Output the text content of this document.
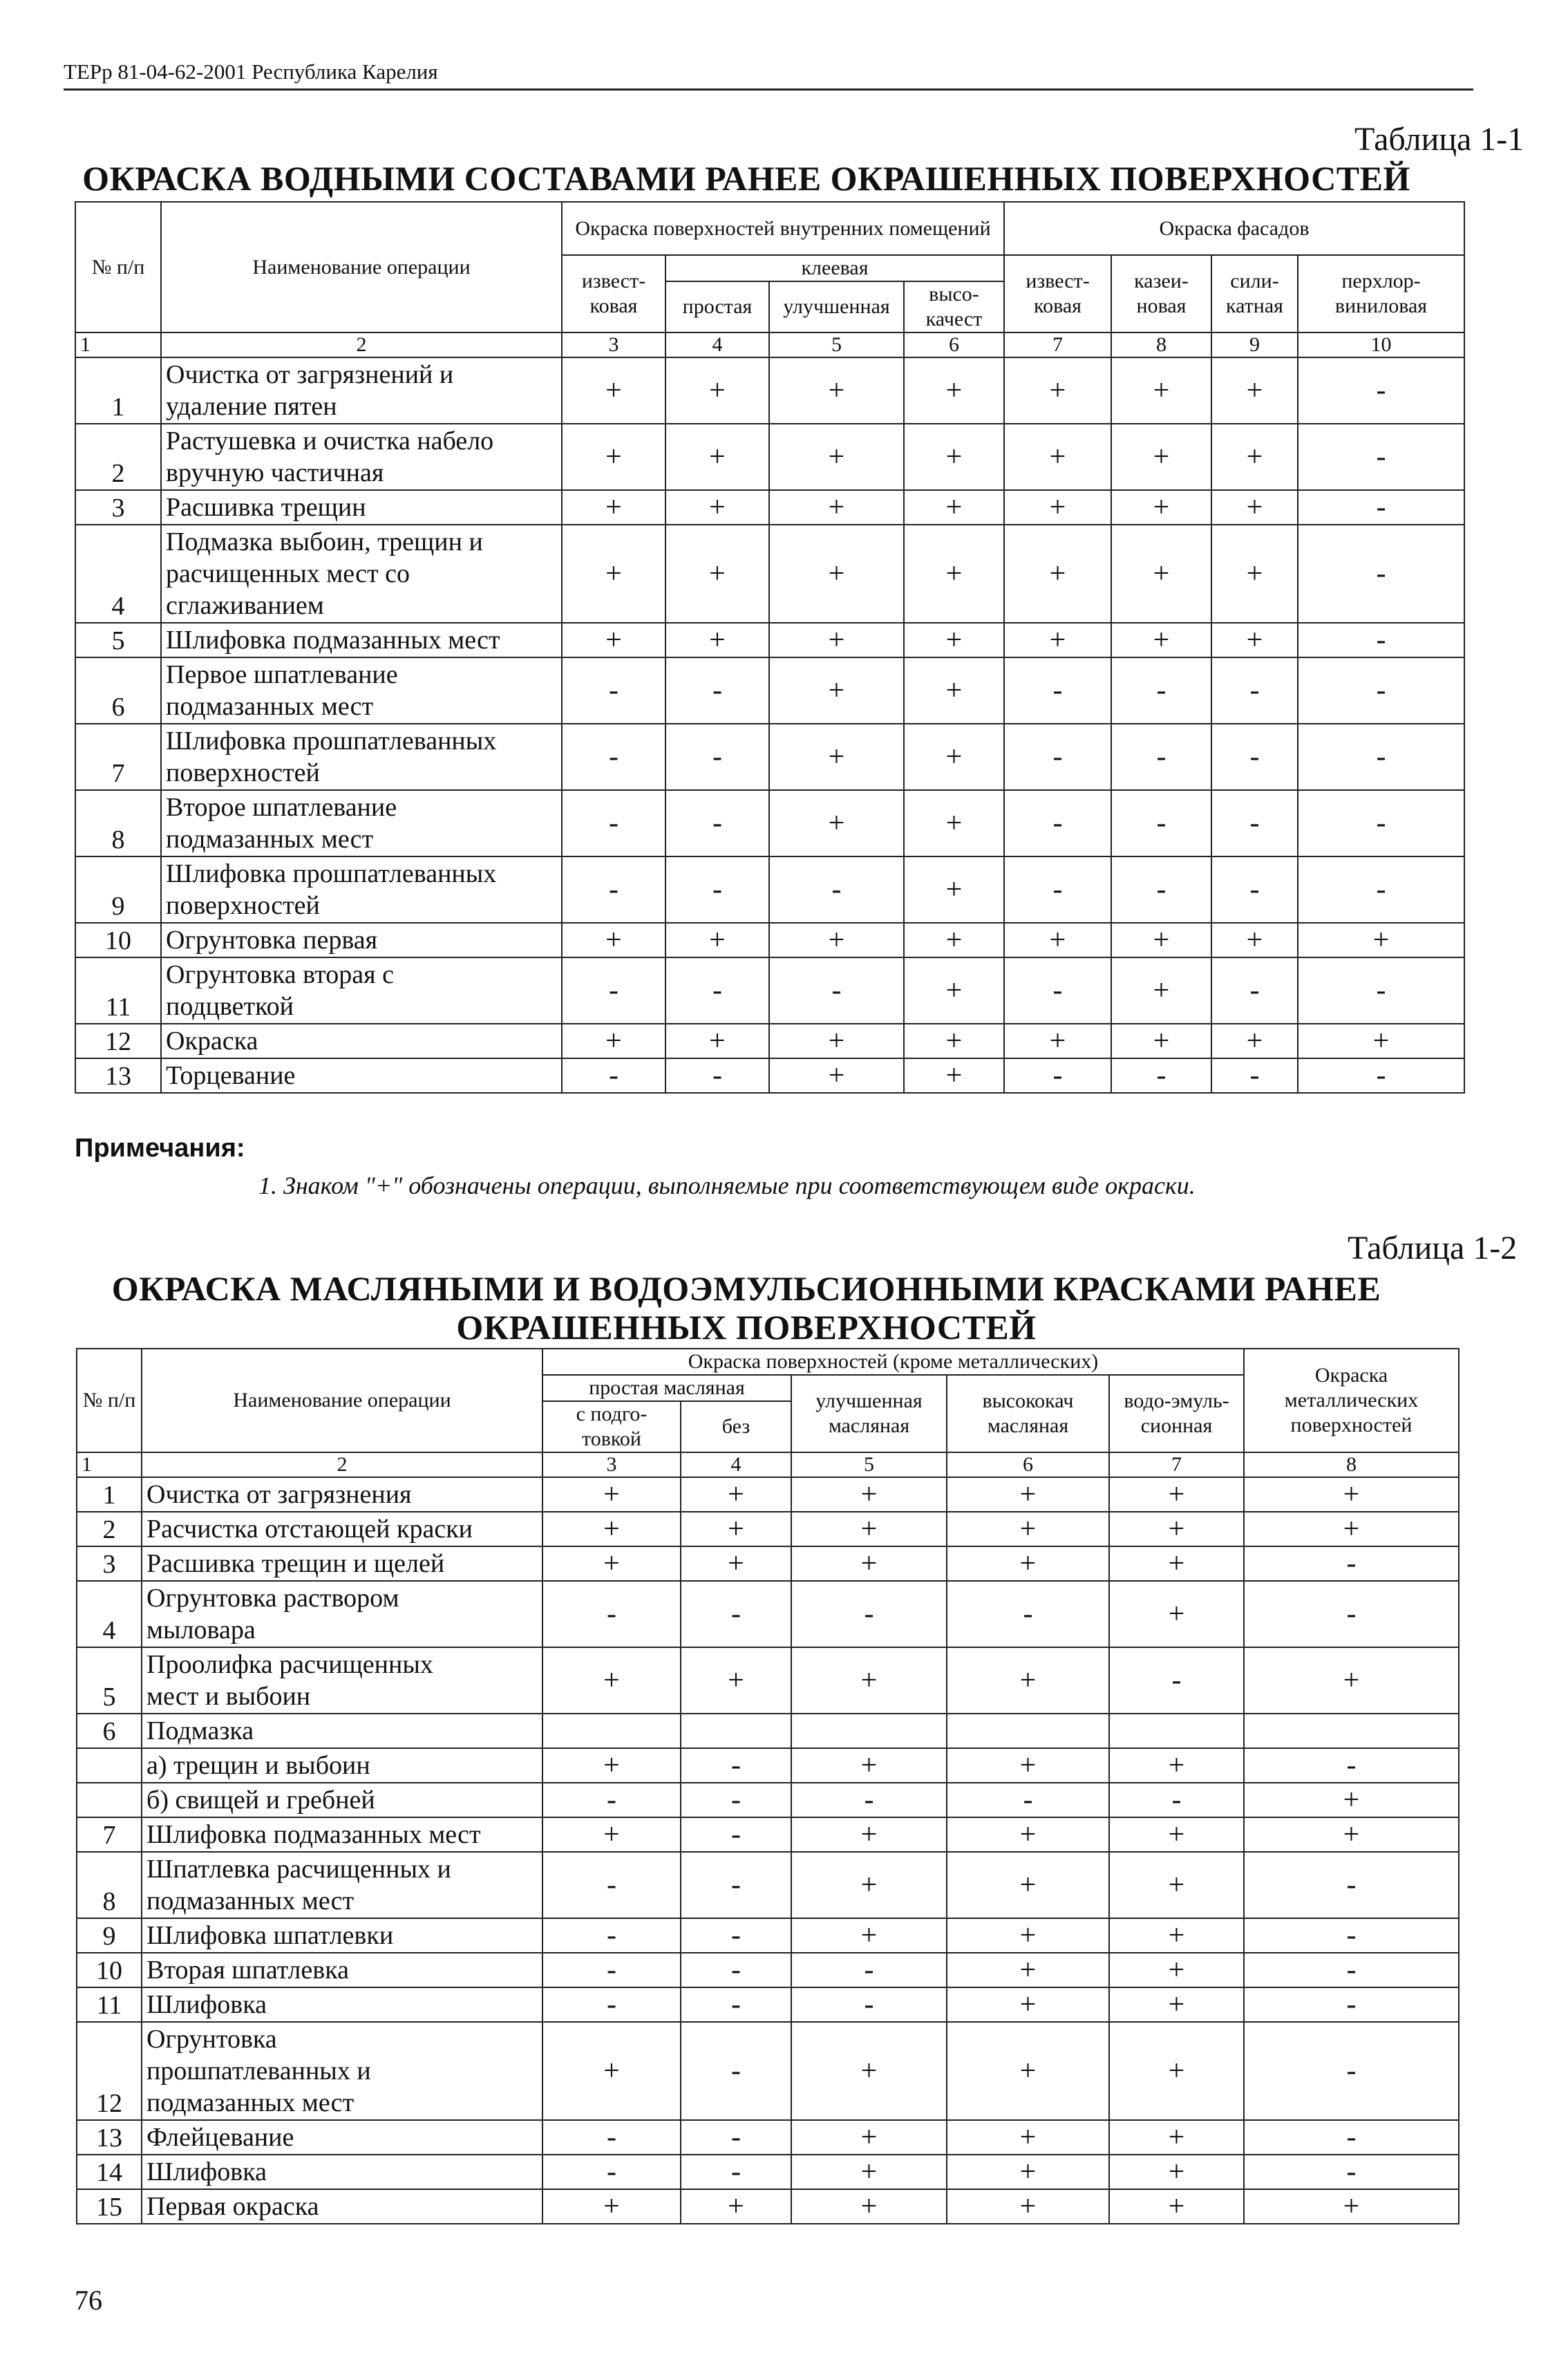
ТЕРр 81-04-62-2001 Республика Карелия
Таблица 1-1
ОКРАСКА ВОДНЫМИ СОСТАВАМИ РАНЕЕ ОКРАШЕННЫХ ПОВЕРХНОСТЕЙ
№ п/п	Наименование операции	Окраска поверхностей внутренних помещений				Окраска фасадов			
		извест-ковая	клеевая			извест-ковая	казеи-новая	сили-катная	перхлор-виниловая
			простая	улучшенная	высо-качест				
1	2	3	4	5	6	7	8	9	10
1	Очистка от загрязнений и
удаление пятен	+	+	+	+	+	+	+	-
2	Растушевка и очистка набело
вручную частичная	+	+	+	+	+	+	+	-
3	Расшивка трещин	+	+	+	+	+	+	+	-
4	Подмазка выбоин, трещин и
расчищенных мест со
сглаживанием	+	+	+	+	+	+	+	-
5	Шлифовка подмазанных мест	+	+	+	+	+	+	+	-
6	Первое шпатлевание
подмазанных мест	-	-	+	+	-	-	-	-
7	Шлифовка прошпатлеванных
поверхностей	-	-	+	+	-	-	-	-
8	Второе шпатлевание
подмазанных мест	-	-	+	+	-	-	-	-
9	Шлифовка прошпатлеванных
поверхностей	-	-	-	+	-	-	-	-
10	Огрунтовка первая	+	+	+	+	+	+	+	+
11	Огрунтовка вторая с
подцветкой	-	-	-	+	-	+	-	-
12	Окраска	+	+	+	+	+	+	+	+
13	Торцевание	-	-	+	+	-	-	-	-
Примечания:
1. Знаком "+" обозначены операции, выполняемые при соответствующем виде окраски.
Таблица 1-2
ОКРАСКА МАСЛЯНЫМИ И ВОДОЭМУЛЬСИОННЫМИ КРАСКАМИ РАНЕЕ
ОКРАШЕННЫХ ПОВЕРХНОСТЕЙ
№ п/п	Наименование операции	Окраска поверхностей (кроме металлических)					Окраска металлических поверхностей
		простая масляная		улучшенная масляная	высококач масляная	водо-эмуль-сионная	
		с подго-товкой	без				
1	2	3	4	5	6	7	8
1	Очистка от загрязнения	+	+	+	+	+	+
2	Расчистка отстающей краски	+	+	+	+	+	+
3	Расшивка трещин и щелей	+	+	+	+	+	-
4	Огрунтовка раствором
мыловара	-	-	-	-	+	-
5	Проолифка расчищенных
мест и выбоин	+	+	+	+	-	+
6	Подмазка						

	а) трещин и выбоин	+	-	+	+	+	-

	б) свищей и гребней	-	-	-	-	-	+
7	Шлифовка подмазанных мест	+	-	+	+	+	+
8	Шпатлевка расчищенных и
подмазанных мест	-	-	+	+	+	-
9	Шлифовка шпатлевки	-	-	+	+	+	-
10	Вторая шпатлевка	-	-	-	+	+	-
11	Шлифовка	-	-	-	+	+	-
12	Огрунтовка
прошпатлеванных и
подмазанных мест	+	-	+	+	+	-
13	Флейцевание	-	-	+	+	+	-
14	Шлифовка	-	-	+	+	+	-
15	Первая окраска	+	+	+	+	+	+
76
